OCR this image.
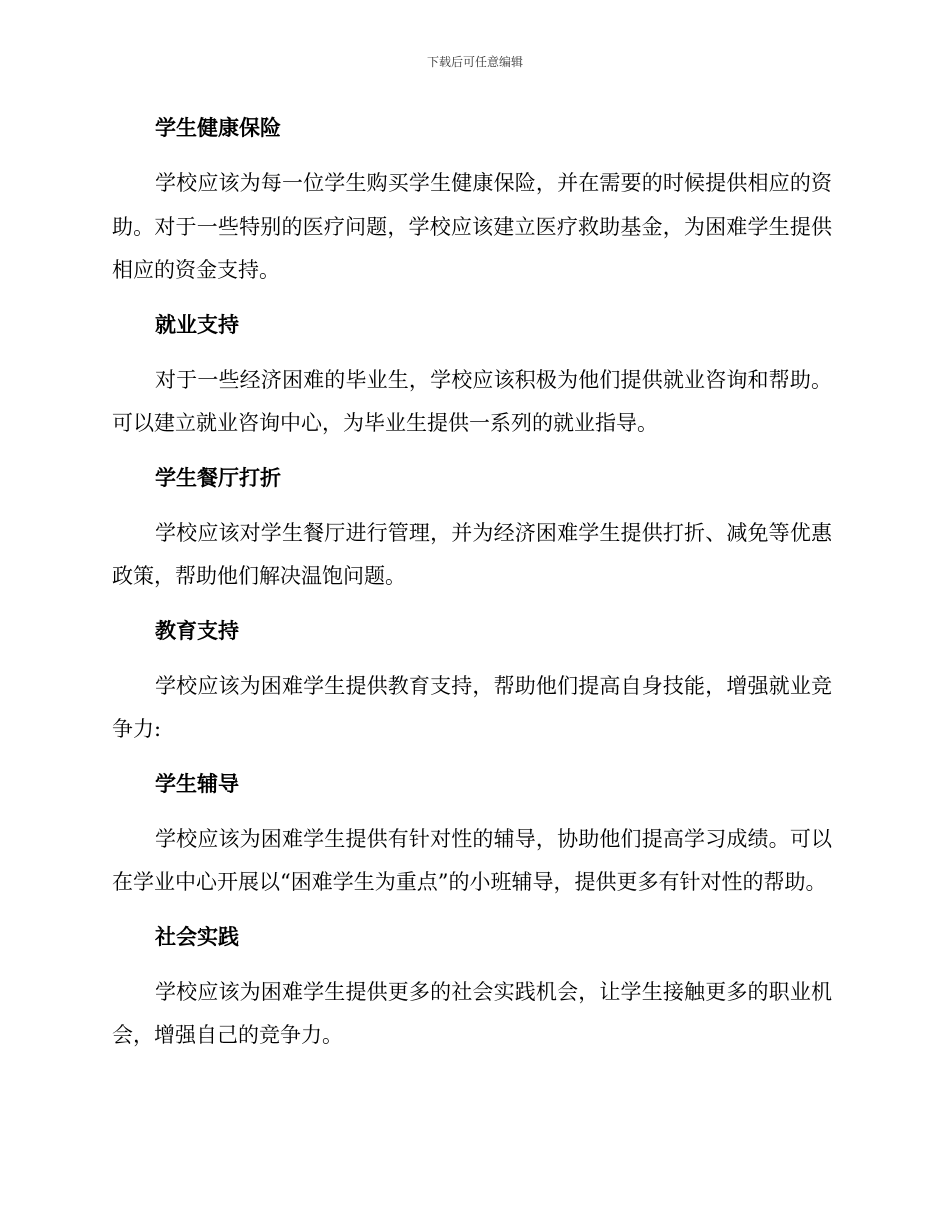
下载后可任意编辑
学生健康保险

学校应该为每一位学生购买学生健康保险，并在需要的时候提供相应的资助。对于一些特别的医疗问题，学校应该建立医疗救助基金，为困难学生提供相应的资金支持。

就业支持

对于一些经济困难的毕业生，学校应该积极为他们提供就业咨询和帮助。可以建立就业咨询中心，为毕业生提供一系列的就业指导。

学生餐厅打折

学校应该对学生餐厅进行管理，并为经济困难学生提供打折、减免等优惠政策，帮助他们解决温饱问题。

教育支持

学校应该为困难学生提供教育支持，帮助他们提高自身技能，增强就业竞争力:

学生辅导

学校应该为困难学生提供有针对性的辅导，协助他们提高学习成绩。可以在学业中心开展以“困难学生为重点”的小班辅导，提供更多有针对性的帮助。

社会实践

学校应该为困难学生提供更多的社会实践机会，让学生接触更多的职业机会，增强自己的竞争力。
